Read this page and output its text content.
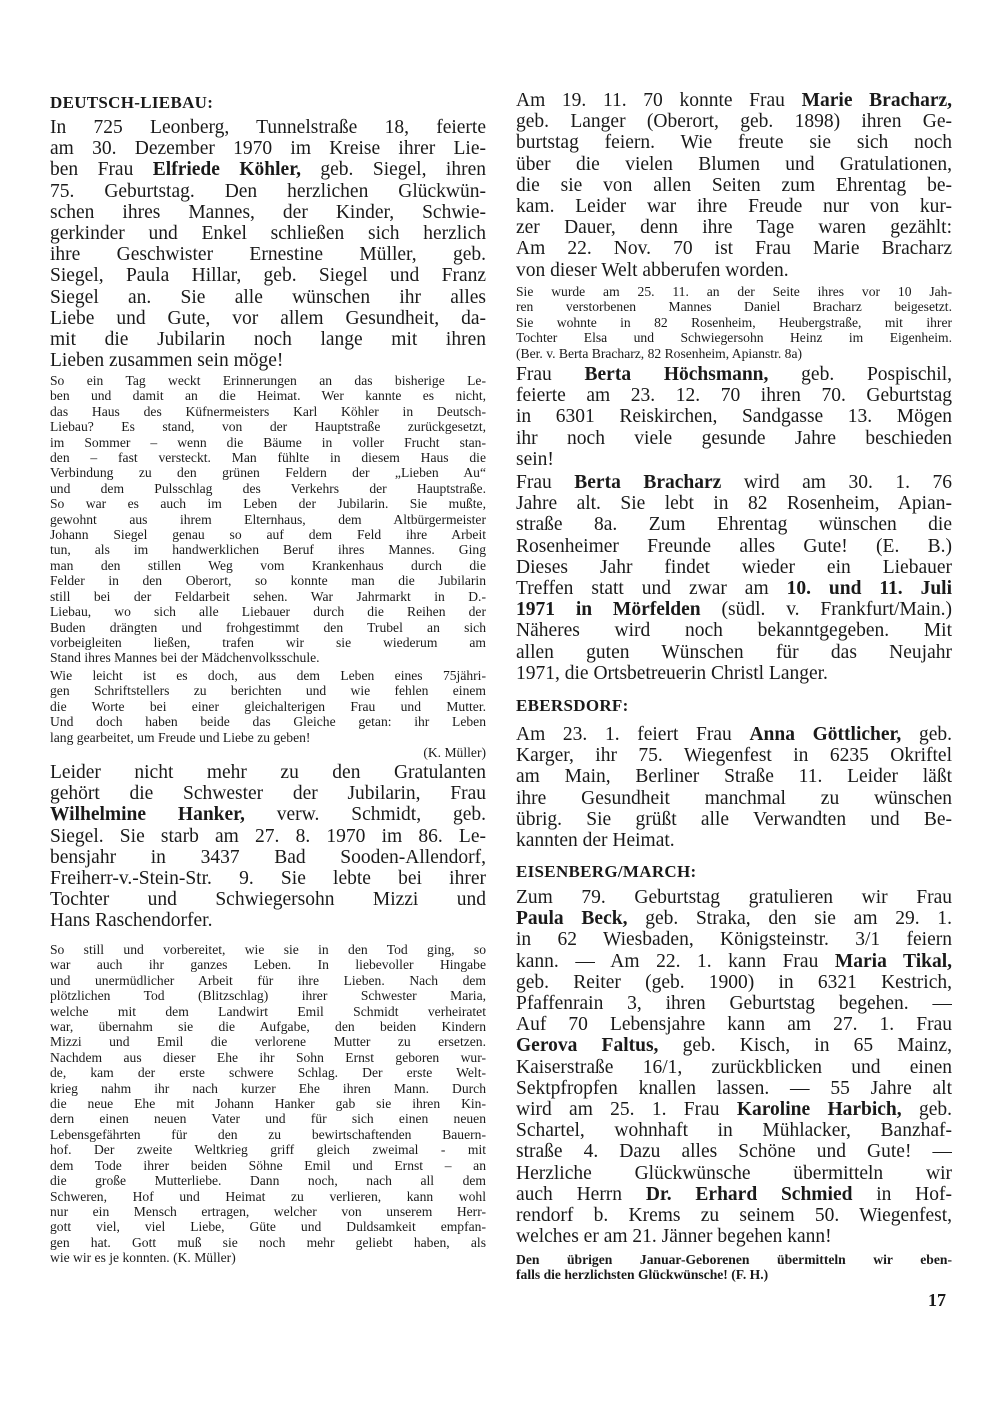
DEUTSCH-LIEBAU:
In 725 Leonberg, Tunnelstraße 18, feierte
am 30. Dezember 1970 im Kreise ihrer Lie-
ben Frau Elfriede Köhler, geb. Siegel, ihren
75. Geburtstag. Den herzlichen Glückwün-
schen ihres Mannes, der Kinder, Schwie-
gerkinder und Enkel schließen sich herzlich
ihre Geschwister Ernestine Müller, geb.
Siegel, Paula Hillar, geb. Siegel und Franz
Siegel an. Sie alle wünschen ihr alles
Liebe und Gute, vor allem Gesundheit, da-
mit die Jubilarin noch lange mit ihren
Lieben zusammen sein möge!
So ein Tag weckt Erinnerungen an das bisherige Le-
ben und damit an die Heimat. Wer kannte es nicht,
das Haus des Küfnermeisters Karl Köhler in Deutsch-
Liebau? Es stand, von der Hauptstraße zurückgesetzt,
im Sommer – wenn die Bäume in voller Frucht stan-
den – fast versteckt. Man fühlte in diesem Haus die
Verbindung zu den grünen Feldern der „Lieben Au“
und dem Pulsschlag des Verkehrs der Hauptstraße.
So war es auch im Leben der Jubilarin. Sie mußte,
gewohnt aus ihrem Elternhaus, dem Altbürgermeister
Johann Siegel genau so auf dem Feld ihre Arbeit
tun, als im handwerklichen Beruf ihres Mannes. Ging
man den stillen Weg vom Krankenhaus durch die
Felder in den Oberort, so konnte man die Jubilarin
still bei der Feldarbeit sehen. War Jahrmarkt in D.-
Liebau, wo sich alle Liebauer durch die Reihen der
Buden drängten und frohgestimmt den Trubel an sich
vorbeigleiten ließen, trafen wir sie wiederum am
Stand ihres Mannes bei der Mädchenvolksschule.
Wie leicht ist es doch, aus dem Leben eines 75jähri-
gen Schriftstellers zu berichten und wie fehlen einem
die Worte bei einer gleichalterigen Frau und Mutter.
Und doch haben beide das Gleiche getan: ihr Leben
lang gearbeitet, um Freude und Liebe zu geben!
(K. Müller)
Leider nicht mehr zu den Gratulanten
gehört die Schwester der Jubilarin, Frau
Wilhelmine Hanker, verw. Schmidt, geb.
Siegel. Sie starb am 27. 8. 1970 im 86. Le-
bensjahr in 3437 Bad Sooden-Allendorf,
Freiherr-v.-Stein-Str. 9. Sie lebte bei ihrer
Tochter und Schwiegersohn Mizzi und
Hans Raschendorfer.
So still und vorbereitet, wie sie in den Tod ging, so
war auch ihr ganzes Leben. In liebevoller Hingabe
und unermüdlicher Arbeit für ihre Lieben. Nach dem
plötzlichen Tod (Blitzschlag) ihrer Schwester Maria,
welche mit dem Landwirt Emil Schmidt verheiratet
war, übernahm sie die Aufgabe, den beiden Kindern
Mizzi und Emil die verlorene Mutter zu ersetzen.
Nachdem aus dieser Ehe ihr Sohn Ernst geboren wur-
de, kam der erste schwere Schlag. Der erste Welt-
krieg nahm ihr nach kurzer Ehe ihren Mann. Durch
die neue Ehe mit Johann Hanker gab sie ihren Kin-
dern einen neuen Vater und für sich einen neuen
Lebensgefährten für den zu bewirtschaftenden Bauern-
hof. Der zweite Weltkrieg griff gleich zweimal - mit
dem Tode ihrer beiden Söhne Emil und Ernst – an
die große Mutterliebe. Dann noch, nach all dem
Schweren, Hof und Heimat zu verlieren, kann wohl
nur ein Mensch ertragen, welcher von unserem Herr-
gott viel, viel Liebe, Güte und Duldsamkeit empfan-
gen hat. Gott muß sie noch mehr geliebt haben, als
wie wir es je konnten. (K. Müller)
Am 19. 11. 70 konnte Frau Marie Bracharz,
geb. Langer (Oberort, geb. 1898) ihren Ge-
burtstag feiern. Wie freute sie sich noch
über die vielen Blumen und Gratulationen,
die sie von allen Seiten zum Ehrentag be-
kam. Leider war ihre Freude nur von kur-
zer Dauer, denn ihre Tage waren gezählt:
Am 22. Nov. 70 ist Frau Marie Bracharz
von dieser Welt abberufen worden.
Sie wurde am 25. 11. an der Seite ihres vor 10 Jah-
ren verstorbenen Mannes Daniel Bracharz beigesetzt.
Sie wohnte in 82 Rosenheim, Heubergstraße, mit ihrer
Tochter Elsa und Schwiegersohn Heinz im Eigenheim.
(Ber. v. Berta Bracharz, 82 Rosenheim, Apianstr. 8a)
Frau Berta Höchsmann, geb. Pospischil,
feierte am 23. 12. 70 ihren 70. Geburtstag
in 6301 Reiskirchen, Sandgasse 13. Mögen
ihr noch viele gesunde Jahre beschieden
sein!
Frau Berta Bracharz wird am 30. 1. 76
Jahre alt. Sie lebt in 82 Rosenheim, Apian-
straße 8a. Zum Ehrentag wünschen die
Rosenheimer Freunde alles Gute! (E. B.)
Dieses Jahr findet wieder ein Liebauer
Treffen statt und zwar am 10. und 11. Juli
1971 in Mörfelden (südl. v. Frankfurt/Main.)
Näheres wird noch bekanntgegeben. Mit
allen guten Wünschen für das Neujahr
1971, die Ortsbetreuerin Christl Langer.
EBERSDORF:
Am 23. 1. feiert Frau Anna Göttlicher, geb.
Karger, ihr 75. Wiegenfest in 6235 Okriftel
am Main, Berliner Straße 11. Leider läßt
ihre Gesundheit manchmal zu wünschen
übrig. Sie grüßt alle Verwandten und Be-
kannten der Heimat.
EISENBERG/MARCH:
Zum 79. Geburtstag gratulieren wir Frau
Paula Beck, geb. Straka, den sie am 29. 1.
in 62 Wiesbaden, Königsteinstr. 3/1 feiern
kann. — Am 22. 1. kann Frau Maria Tikal,
geb. Reiter (geb. 1900) in 6321 Kestrich,
Pfaffenrain 3, ihren Geburtstag begehen. —
Auf 70 Lebensjahre kann am 27. 1. Frau
Gerova Faltus, geb. Kisch, in 65 Mainz,
Kaiserstraße 16/1, zurückblicken und einen
Sektpfropfen knallen lassen. — 55 Jahre alt
wird am 25. 1. Frau Karoline Harbich, geb.
Schartel, wohnhaft in Mühlacker, Banzhaf-
straße 4. Dazu alles Schöne und Gute! —
Herzliche Glückwünsche übermitteln wir
auch Herrn Dr. Erhard Schmied in Hof-
rendorf b. Krems zu seinem 50. Wiegenfest,
welches er am 21. Jänner begehen kann!
Den übrigen Januar-Geborenen übermitteln wir eben-
falls die herzlichsten Glückwünsche! (F. H.)
17
